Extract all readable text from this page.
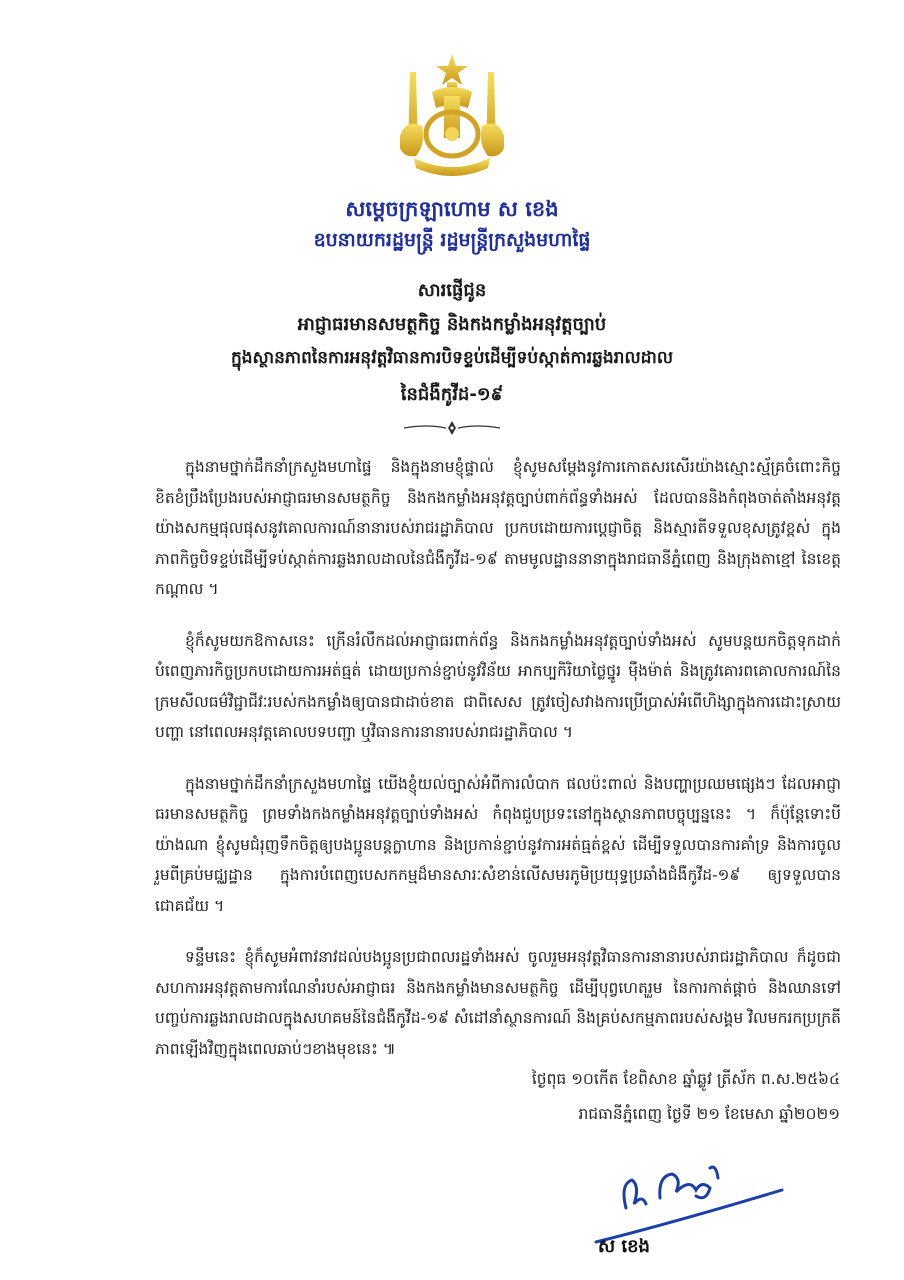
សម្ដេចក្រឡាហោម ស ខេង
ឧបនាយករដ្ឋមន្ត្រី រដ្ឋមន្ត្រីក្រសួងមហាផ្ទៃ
សារផ្ញើជូន
អាជ្ញាធរមានសមត្ថកិច្ច និងកងកម្លាំងអនុវត្តច្បាប់
ក្នុងស្ថានភាពនៃការអនុវត្តវិធានការបិទខ្ទប់ដើម្បីទប់ស្កាត់ការឆ្លងរាលដាល
នៃជំងឺកូវីដ-១៩

ក្នុងនាមថ្នាក់ដឹកនាំក្រសួងមហាផ្ទៃ និងក្នុងនាមខ្ញុំផ្ទាល់ ខ្ញុំសូមសម្ដែងនូវការកោតសរសើរយ៉ាងស្មោះស្ម័គ្រចំពោះកិច្ចខិតខំប្រឹងប្រែងរបស់អាជ្ញាធរមានសមត្ថកិច្ច និងកងកម្លាំងអនុវត្តច្បាប់ពាក់ព័ន្ធទាំងអស់ ដែលបាននិងកំពុងចាត់តាំងអនុវត្តយ៉ាងសកម្មផុលផុសនូវគោលការណ៍នានារបស់រាជរដ្ឋាភិបាល ប្រកបដោយការប្ដេជ្ញាចិត្ត និងស្មារតីទទួលខុសត្រូវខ្ពស់ ក្នុងភាពកិច្ចបិទខ្ទប់ដើម្បីទប់ស្កាត់ការឆ្លងរាលដាលនៃជំងឺកូវីដ-១៩ តាមមូលដ្ឋាននានាក្នុងរាជធានីភ្នំពេញ និងក្រុងតាខ្មៅ នៃខេត្តកណ្ដាល ។

ខ្ញុំក៏សូមយកឱកាសនេះ ក្រើនរំលឹកដល់អាជ្ញាធរពាក់ព័ន្ធ និងកងកម្លាំងអនុវត្តច្បាប់ទាំងអស់ សូមបន្តយកចិត្តទុកដាក់បំពេញភារកិច្ចប្រកបដោយការអត់ធ្មត់ ដោយប្រកាន់ខ្ជាប់នូវវិន័យ អាកប្បកិរិយាថ្លៃថ្នូរ ម៉ឺងម៉ាត់ និងត្រូវគោរពគោលការណ៍នៃក្រមសីលធម៌វិជ្ជាជីវៈរបស់កងកម្លាំងឲ្យបានជាដាច់ខាត ជាពិសេស ត្រូវចៀសវាងការប្រើប្រាស់អំពើហិង្សាក្នុងការដោះស្រាយបញ្ហា នៅពេលអនុវត្តគោលបទបញ្ជា ឬវិធានការនានារបស់រាជរដ្ឋាភិបាល ។

ក្នុងនាមថ្នាក់ដឹកនាំក្រសួងមហាផ្ទៃ យើងខ្ញុំយល់ច្បាស់អំពីការលំបាក ផលប៉ះពាល់ និងបញ្ហាប្រឈមផ្សេងៗ ដែលអាជ្ញាធរមានសមត្ថកិច្ច ព្រមទាំងកងកម្លាំងអនុវត្តច្បាប់ទាំងអស់ កំពុងជួបប្រទះនៅក្នុងស្ថានភាពបច្ចុប្បន្ននេះ ។ ក៏ប៉ុន្តែទោះបីយ៉ាងណា ខ្ញុំសូមជំរុញទឹកចិត្តឲ្យបងប្អូនបន្តក្លាហាន និងប្រកាន់ខ្ជាប់នូវការអត់ធ្មត់ខ្ពស់ ដើម្បីទទួលបានការគាំទ្រ និងការចូលរួមពីគ្រប់មជ្ឈដ្ឋាន ក្នុងការបំពេញបេសកកម្មដ៏មានសារៈសំខាន់លើសមរភូមិប្រយុទ្ធប្រឆាំងជំងឺកូវីដ-១៩ ឲ្យទទួលបានជោគជ័យ ។

ទន្ទឹមនេះ ខ្ញុំក៏សូមអំពាវនាវដល់បងប្អូនប្រជាពលរដ្ឋទាំងអស់ ចូលរួមអនុវត្តវិធានការនានារបស់រាជរដ្ឋាភិបាល ក៏ដូចជាសហការអនុវត្តតាមការណែនាំរបស់អាជ្ញាធរ និងកងកម្លាំងមានសមត្ថកិច្ច ដើម្បីបុព្វហេតុរួម នៃការកាត់ផ្ដាច់ និងឈានទៅបញ្ចប់ការឆ្លងរាលដាលក្នុងសហគមន៍នៃជំងឺកូវីដ-១៩ សំដៅនាំស្ថានការណ៍ និងគ្រប់សកម្មភាពរបស់សង្គម វិលមករកប្រក្រតីភាពឡើងវិញក្នុងពេលឆាប់ៗខាងមុខនេះ ៕

ថ្ងៃពុធ ១០កើត ខែពិសាខ ឆ្នាំឆ្លូវ ត្រីស័ក ព.ស.២៥៦៤
រាជធានីភ្នំពេញ ថ្ងៃទី ២១ ខែមេសា ឆ្នាំ២០២១
ស ខេង
